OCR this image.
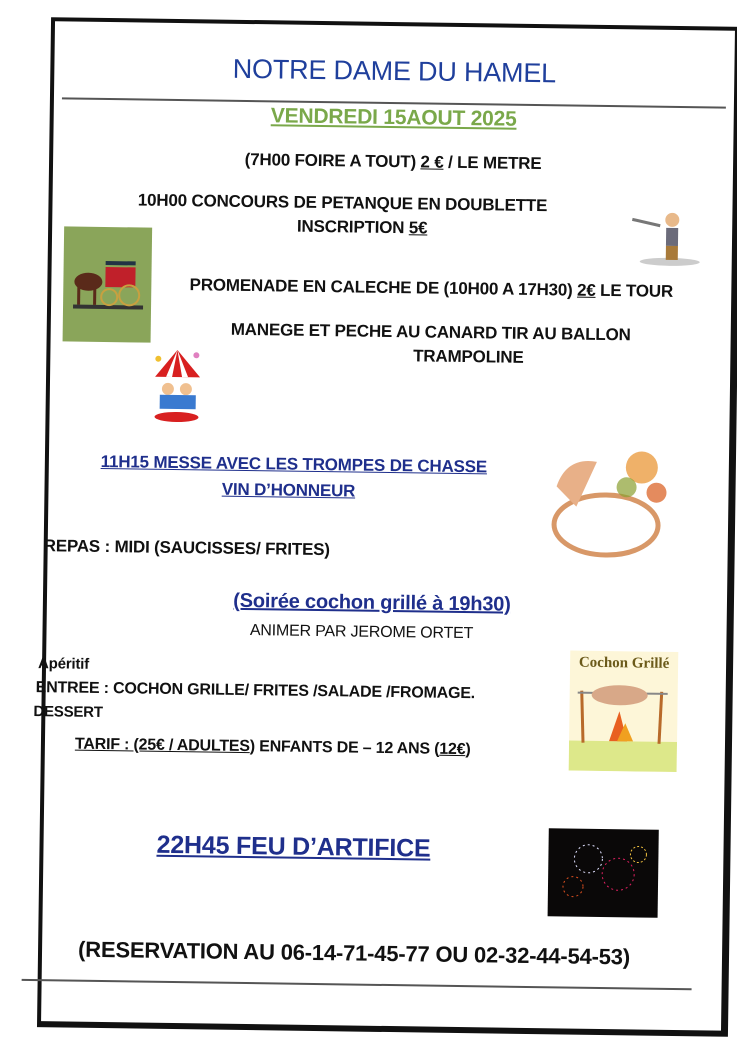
NOTRE DAME DU HAMEL
VENDREDI 15AOUT 2025
(7H00 FOIRE A TOUT) 2 € / LE METRE
10H00 CONCOURS DE PETANQUE EN DOUBLETTE
INSCRIPTION 5€
PROMENADE EN CALECHE DE (10H00 A 17H30) 2€ LE TOUR
MANEGE ET PECHE AU CANARD TIR AU BALLON
TRAMPOLINE
11H15 MESSE AVEC LES TROMPES DE CHASSE
VIN D’HONNEUR
REPAS : MIDI (SAUCISSES/ FRITES)
(Soirée cochon grillé à 19h30)
ANIMER PAR JEROME ORTET
Apéritif
ENTREE : COCHON GRILLE/ FRITES /SALADE /FROMAGE.
DESSERT
TARIF : (25€ / ADULTES) ENFANTS DE – 12 ANS (12€)
Cochon Grillé
22H45 FEU D’ARTIFICE
(RESERVATION AU 06-14-71-45-77 OU 02-32-44-54-53)
